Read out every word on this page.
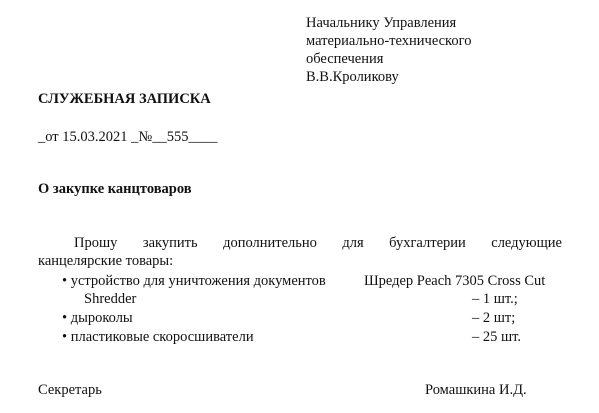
Начальнику Управления
материально-технического
обеспечения
В.В.Кроликову
СЛУЖЕБНАЯ ЗАПИСКА
_от 15.03.2021 _№__555____
О закупке канцтоваров
Прошу закупить дополнительно для бухгалтерии следующие
канцелярские товары:
• устройство для уничтожения документов	Шредер Peach 7305 Cross Cut
Shredder	– 1 шт.;
• дыроколы	– 2 шт;
• пластиковые скоросшиватели	– 25 шт.
Секретарь	Ромашкина И.Д.
